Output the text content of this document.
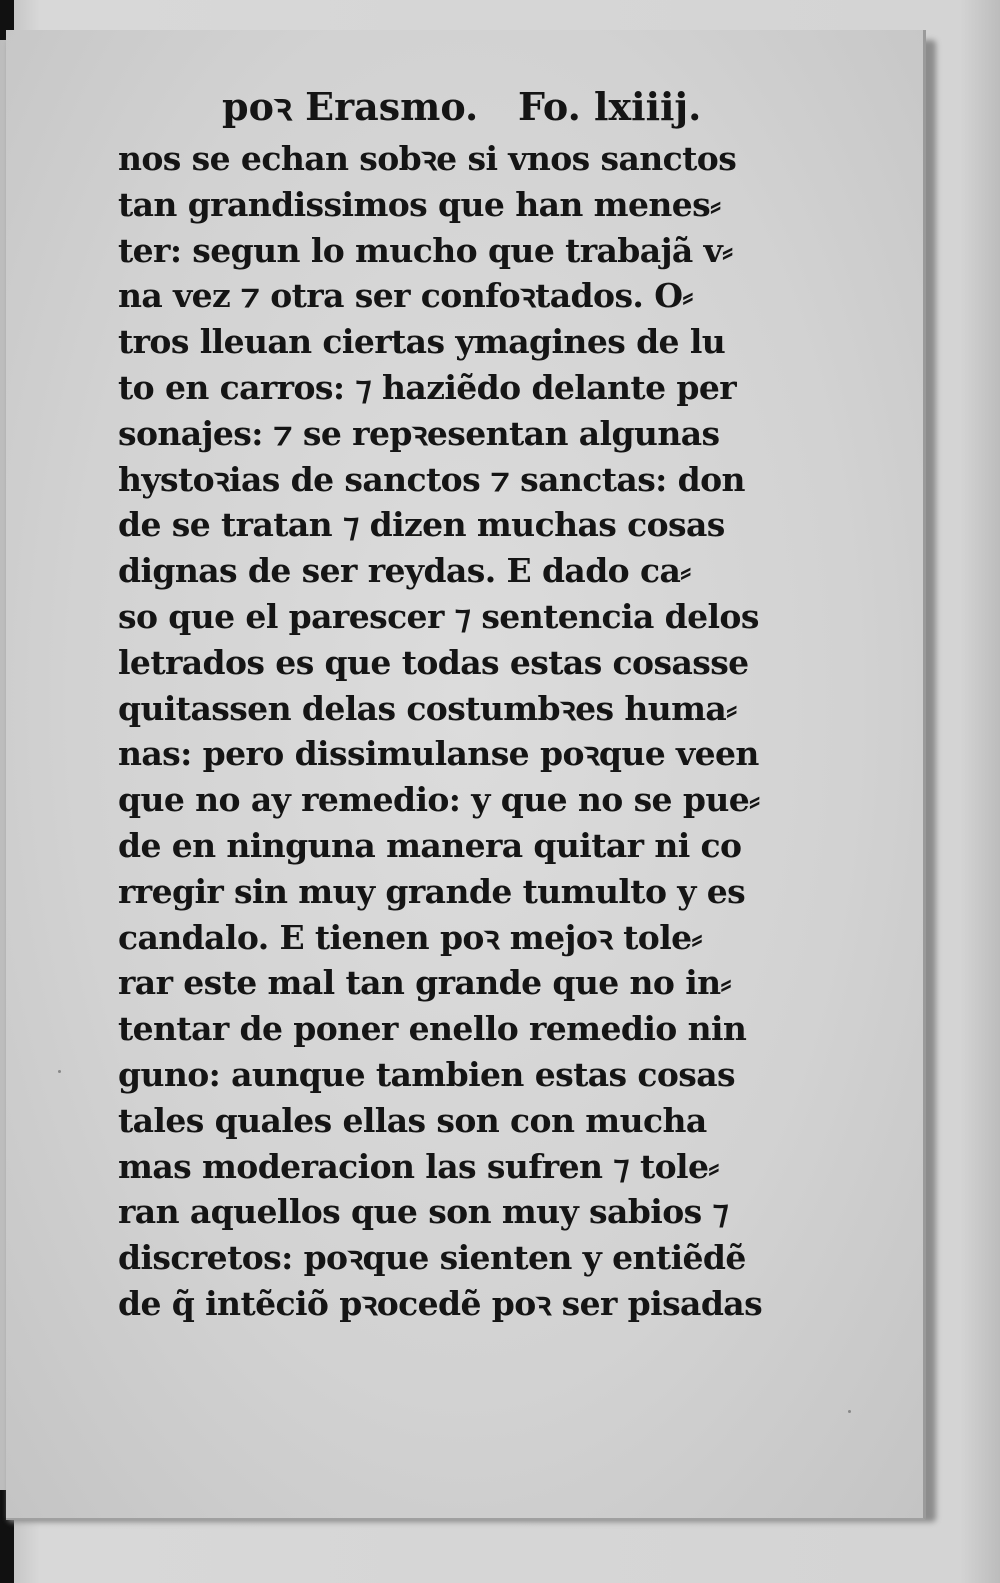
poꝛ Erasmo. Fo. lxiiij.
nos se echan sobꝛe si vnos sanctos
tan grandissimos que han menes⸗
ter: segun lo mucho que trabajã v⸗
na vez ⁊ otra ser confoꝛtados. O⸗
tros lleuan ciertas ymagines de lu
to en carros: ⁊ haziẽdo delante per
sonajes: ⁊ se repꝛesentan algunas
hystoꝛias de sanctos ⁊ sanctas: don
de se tratan ⁊ dizen muchas cosas
dignas de ser reydas. E dado ca⸗
so que el parescer ⁊ sentencia delos
letrados es que todas estas cosasse
quitassen delas costumbꝛes huma⸗
nas: pero dissimulanse poꝛque veen
que no ay remedio: y que no se pue⸗
de en ninguna manera quitar ni co
rregir sin muy grande tumulto y es
candalo. E tienen poꝛ mejoꝛ tole⸗
rar este mal tan grande que no in⸗
tentar de poner enello remedio nin
guno: aunque tambien estas cosas
tales quales ellas son con mucha
mas moderacion las sufren ⁊ tole⸗
ran aquellos que son muy sabios ⁊
discretos: poꝛque sienten y entiẽdẽ
de q̃ intẽciõ pꝛocedẽ poꝛ ser pisadas
